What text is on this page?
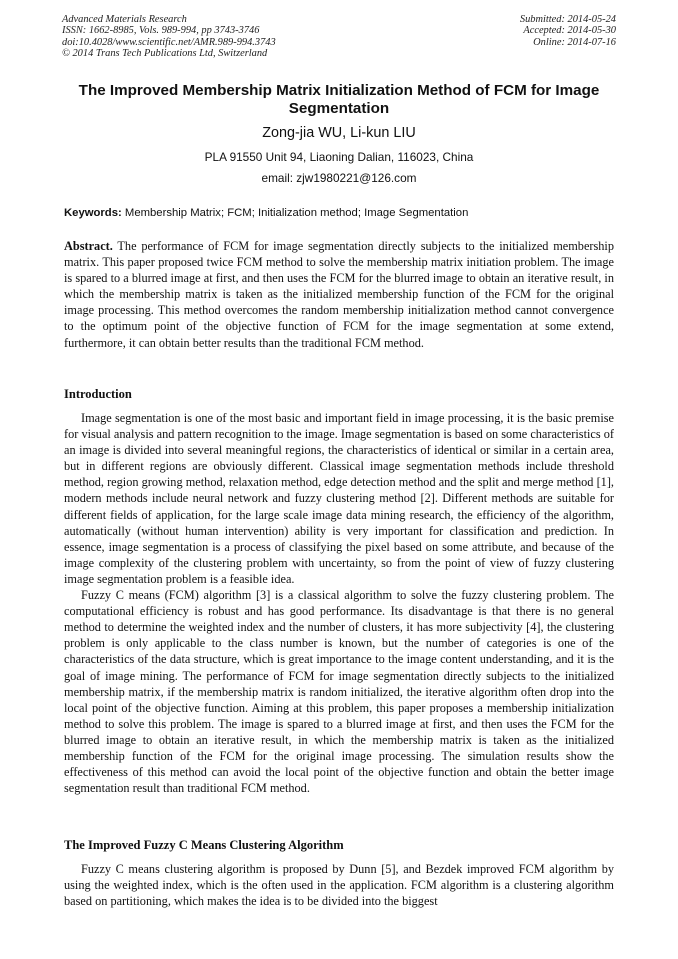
Advanced Materials Research
ISSN: 1662-8985, Vols. 989-994, pp 3743-3746
doi:10.4028/www.scientific.net/AMR.989-994.3743
© 2014 Trans Tech Publications Ltd, Switzerland
Submitted: 2014-05-24
Accepted: 2014-05-30
Online: 2014-07-16
The Improved Membership Matrix Initialization Method of FCM for Image Segmentation
Zong-jia WU, Li-kun LIU
PLA 91550 Unit 94, Liaoning Dalian, 116023, China
email: zjw1980221@126.com
Keywords: Membership Matrix; FCM; Initialization method; Image Segmentation
Abstract. The performance of FCM for image segmentation directly subjects to the initialized membership matrix. This paper proposed twice FCM method to solve the membership matrix initiation problem. The image is spared to a blurred image at first, and then uses the FCM for the blurred image to obtain an iterative result, in which the membership matrix is taken as the initialized membership function of the FCM for the original image processing. This method overcomes the random membership initialization method cannot convergence to the optimum point of the objective function of FCM for the image segmentation at some extend, furthermore, it can obtain better results than the traditional FCM method.
Introduction

Image segmentation is one of the most basic and important field in image processing, it is the basic premise for visual analysis and pattern recognition to the image. Image segmentation is based on some characteristics of an image is divided into several meaningful regions, the characteristics of identical or similar in a certain area, but in different regions are obviously different. Classical image segmentation methods include threshold method, region growing method, relaxation method, edge detection method and the split and merge method [1], modern methods include neural network and fuzzy clustering method [2]. Different methods are suitable for different fields of application, for the large scale image data mining research, the efficiency of the algorithm, automatically (without human intervention) ability is very important for classification and prediction. In essence, image segmentation is a process of classifying the pixel based on some attribute, and because of the image complexity of the clustering problem with uncertainty, so from the point of view of fuzzy clustering image segmentation problem is a feasible idea.

Fuzzy C means (FCM) algorithm [3] is a classical algorithm to solve the fuzzy clustering problem. The computational efficiency is robust and has good performance. Its disadvantage is that there is no general method to determine the weighted index and the number of clusters, it has more subjectivity [4], the clustering problem is only applicable to the class number is known, but the number of categories is one of the characteristics of the data structure, which is great importance to the image content understanding, and it is the goal of image mining. The performance of FCM for image segmentation directly subjects to the initialized membership matrix, if the membership matrix is random initialized, the iterative algorithm often drop into the local point of the objective function. Aiming at this problem, this paper proposes a membership initialization method to solve this problem. The image is spared to a blurred image at first, and then uses the FCM for the blurred image to obtain an iterative result, in which the membership matrix is taken as the initialized membership function of the FCM for the original image processing. The simulation results show the effectiveness of this method can avoid the local point of the objective function and obtain the better image segmentation result than traditional FCM method.

The Improved Fuzzy C Means Clustering Algorithm

Fuzzy C means clustering algorithm is proposed by Dunn [5], and Bezdek improved FCM algorithm by using the weighted index, which is the often used in the application. FCM algorithm is a clustering algorithm based on partitioning, which makes the idea is to be divided into the biggest
